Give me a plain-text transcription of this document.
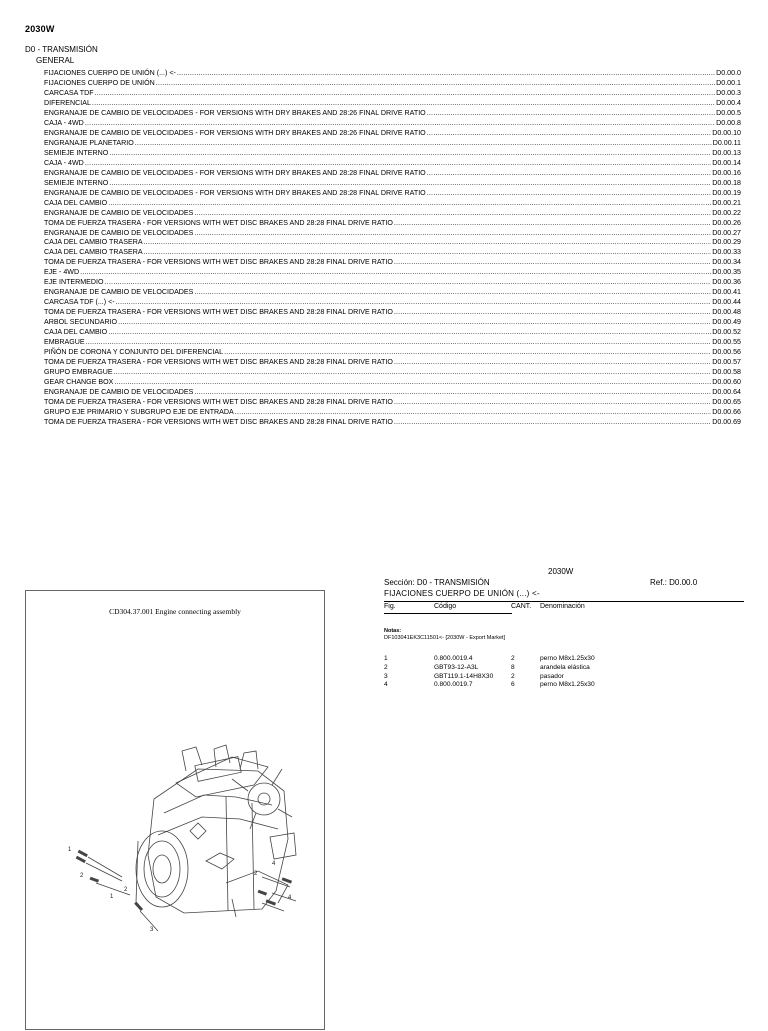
2030W
D0 - TRANSMISIÓN
GENERAL
FIJACIONES CUERPO DE UNIÓN (...) <- .....	D0.00.0
FIJACIONES CUERPO DE UNIÓN .....	D0.00.1
CARCASA TDF .....	D0.00.3
DIFERENCIAL .....	D0.00.4
ENGRANAJE DE CAMBIO DE VELOCIDADES - FOR VERSIONS WITH DRY BRAKES AND 28:26 FINAL DRIVE RATIO .....	D0.00.5
CAJA - 4WD .....	D0.00.8
ENGRANAJE DE CAMBIO DE VELOCIDADES - FOR VERSIONS WITH DRY BRAKES AND 28:26 FINAL DRIVE RATIO .....	D0.00.10
ENGRANAJE PLANETARIO .....	D0.00.11
SEMIEJE INTERNO .....	D0.00.13
CAJA - 4WD .....	D0.00.14
ENGRANAJE DE CAMBIO DE VELOCIDADES - FOR VERSIONS WITH DRY BRAKES AND 28:28 FINAL DRIVE RATIO .....	D0.00.16
SEMIEJE INTERNO .....	D0.00.18
ENGRANAJE DE CAMBIO DE VELOCIDADES - FOR VERSIONS WITH DRY BRAKES AND 28:28 FINAL DRIVE RATIO .....	D0.00.19
CAJA DEL CAMBIO .....	D0.00.21
ENGRANAJE DE CAMBIO DE VELOCIDADES .....	D0.00.22
TOMA DE FUERZA TRASERA - FOR VERSIONS WITH WET DISC BRAKES AND 28:28 FINAL DRIVE RATIO .....	D0.00.26
ENGRANAJE DE CAMBIO DE VELOCIDADES .....	D0.00.27
CAJA DEL CAMBIO TRASERA .....	D0.00.29
CAJA DEL CAMBIO TRASERA .....	D0.00.33
TOMA DE FUERZA TRASERA - FOR VERSIONS WITH WET DISC BRAKES AND 28:28 FINAL DRIVE RATIO .....	D0.00.34
EJE - 4WD .....	D0.00.35
EJE INTERMEDIO .....	D0.00.36
ENGRANAJE DE CAMBIO DE VELOCIDADES .....	D0.00.41
CARCASA TDF (...) <- .....	D0.00.44
TOMA DE FUERZA TRASERA - FOR VERSIONS WITH WET DISC BRAKES AND 28:28 FINAL DRIVE RATIO .....	D0.00.48
ARBOL SECUNDARIO .....	D0.00.49
CAJA DEL CAMBIO .....	D0.00.52
EMBRAGUE .....	D0.00.55
PIÑÓN DE CORONA Y CONJUNTO DEL DIFERENCIAL .....	D0.00.56
TOMA DE FUERZA TRASERA - FOR VERSIONS WITH WET DISC BRAKES AND 28:28 FINAL DRIVE RATIO .....	D0.00.57
GRUPO EMBRAGUE .....	D0.00.58
GEAR CHANGE BOX .....	D0.00.60
ENGRANAJE DE CAMBIO DE VELOCIDADES .....	D0.00.64
TOMA DE FUERZA TRASERA - FOR VERSIONS WITH WET DISC BRAKES AND 28:28 FINAL DRIVE RATIO .....	D0.00.65
GRUPO EJE PRIMARIO Y SUBGRUPO EJE DE ENTRADA .....	D0.00.66
TOMA DE FUERZA TRASERA - FOR VERSIONS WITH WET DISC BRAKES AND 28:28 FINAL DRIVE RATIO .....	D0.00.69
CD304.37.001 Engine connecting assembly
1
2
1
2
3
2
4
4
2030W
Sección: D0 - TRANSMISIÓN	Ref.: D0.00.0
FIJACIONES CUERPO DE UNIÓN (...) <-
Fig.	Código	CANT. Denominación
Notas:
DF103041EK3C11501<- [2030W - Export Market]
1	0.800.0019.4	2	perno M8x1.25x30
2	GBT93-12-A3L	8	arandela elástica
3	GBT119.1-14H8X30	2	pasador
4	0.800.0019.7	6	perno M8x1.25x30
